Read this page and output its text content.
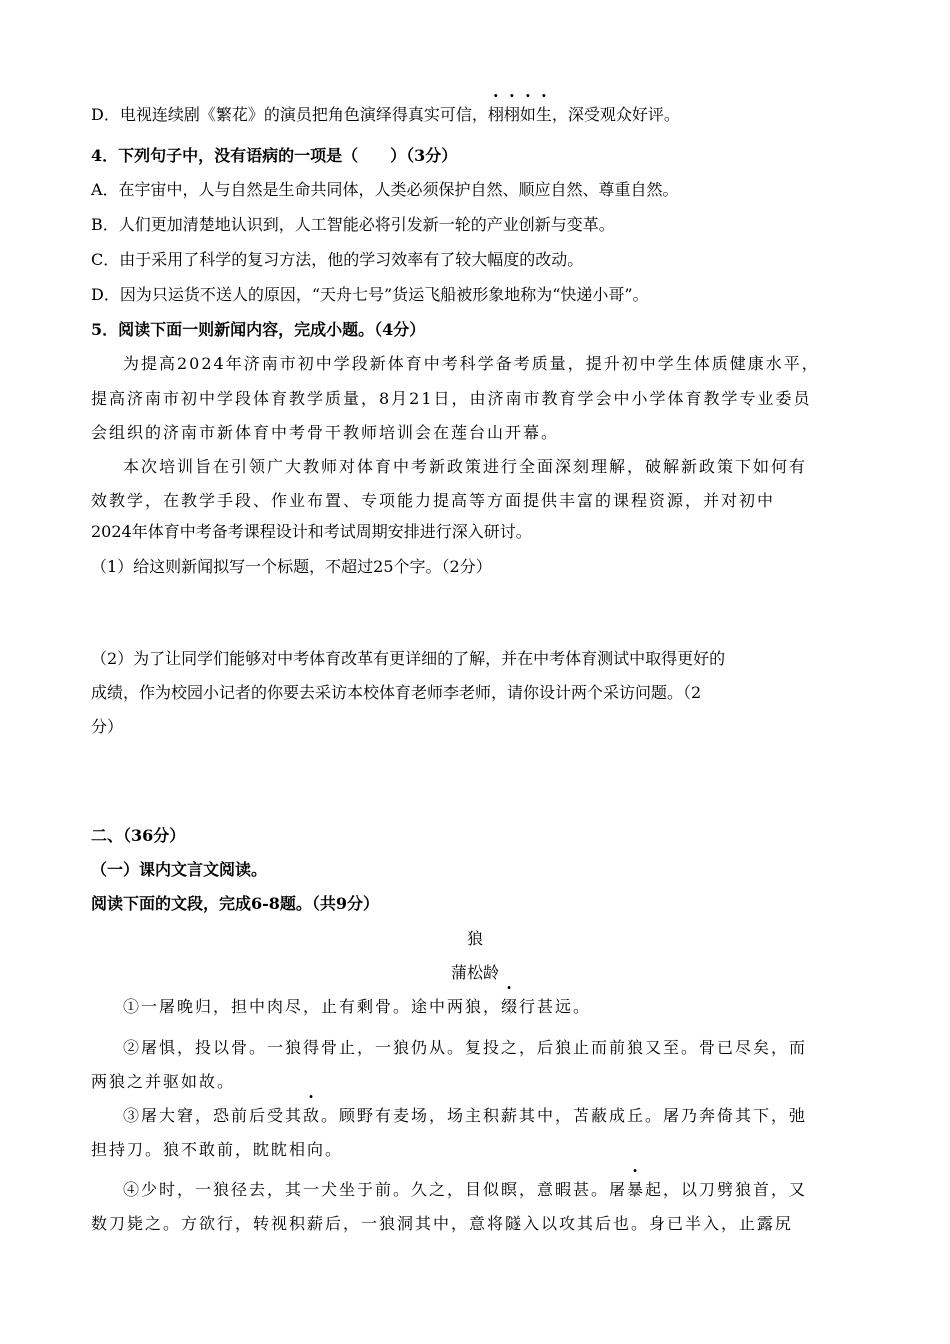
D．电视连续剧《繁花》的演员把角色演绎得真实可信，栩栩如生，深受观众好评。
4．下列句子中，没有语病的一项是（　　）（3分）
A．在宇宙中，人与自然是生命共同体，人类必须保护自然、顺应自然、尊重自然。
B．人们更加清楚地认识到，人工智能必将引发新一轮的产业创新与变革。
C．由于采用了科学的复习方法，他的学习效率有了较大幅度的改动。
D．因为只运货不送人的原因，“天舟七号”货运飞船被形象地称为“快递小哥”。
5．阅读下面一则新闻内容，完成小题。（4分）
为提高2024年济南市初中学段新体育中考科学备考质量，提升初中学生体质健康水平，
提高济南市初中学段体育教学质量，8月21日，由济南市教育学会中小学体育教学专业委员
会组织的济南市新体育中考骨干教师培训会在莲台山开幕。
本次培训旨在引领广大教师对体育中考新政策进行全面深刻理解，破解新政策下如何有
效教学，在教学手段、作业布置、专项能力提高等方面提供丰富的课程资源，并对初中
2024年体育中考备考课程设计和考试周期安排进行深入研讨。
（1）给这则新闻拟写一个标题，不超过25个字。（2分）
（2）为了让同学们能够对中考体育改革有更详细的了解，并在中考体育测试中取得更好的
成绩，作为校园小记者的你要去采访本校体育老师李老师，请你设计两个采访问题。（2
分）
二、（36分）
（一）课内文言文阅读。
阅读下面的文段，完成6-8题。（共9分）
狼
蒲松龄
①一屠晚归，担中肉尽，止有剩骨。途中两狼，缀行甚远。
②屠惧，投以骨。一狼得骨止，一狼仍从。复投之，后狼止而前狼又至。骨已尽矣，而
两狼之并驱如故。
③屠大窘，恐前后受其敌。顾野有麦场，场主积薪其中，苫蔽成丘。屠乃奔倚其下，弛
担持刀。狼不敢前，眈眈相向。
④少时，一狼径去，其一犬坐于前。久之，目似瞑，意暇甚。屠暴起，以刀劈狼首，又
数刀毙之。方欲行，转视积薪后，一狼洞其中，意将隧入以攻其后也。身已半入，止露尻
